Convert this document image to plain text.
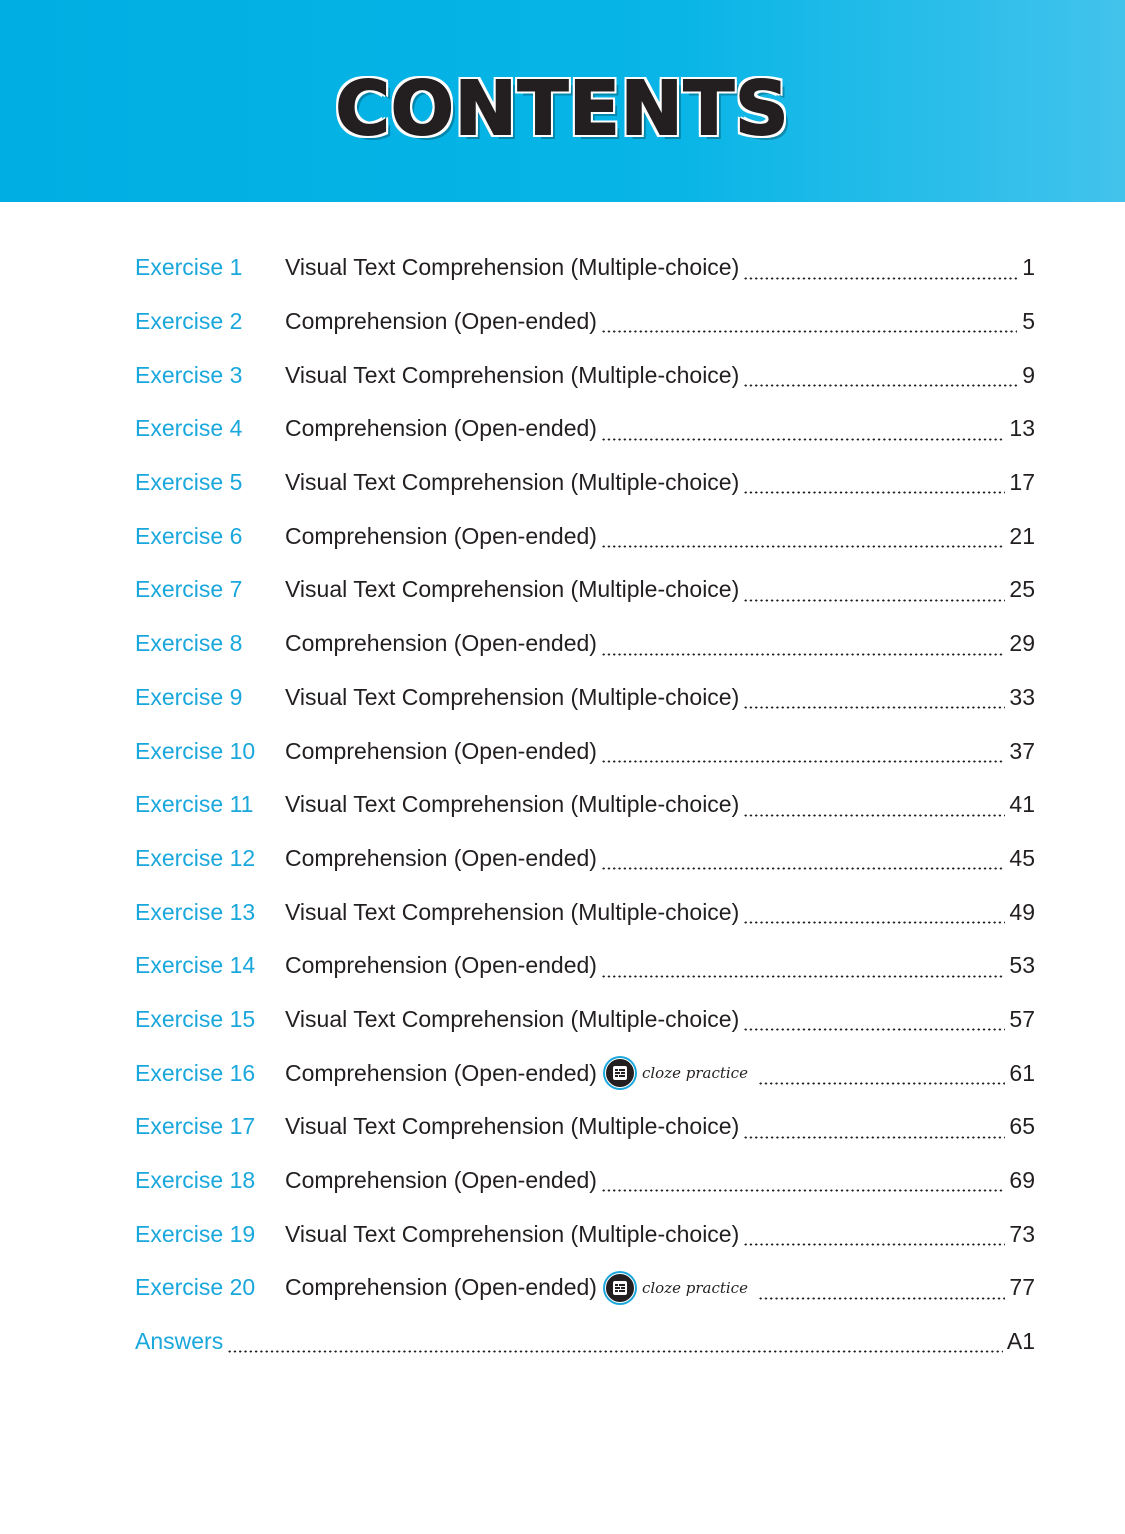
CONTENTS
Exercise 1	Visual Text Comprehension (Multiple-choice)	1
Exercise 2	Comprehension (Open-ended)	5
Exercise 3	Visual Text Comprehension (Multiple-choice)	9
Exercise 4	Comprehension (Open-ended)	13
Exercise 5	Visual Text Comprehension (Multiple-choice)	17
Exercise 6	Comprehension (Open-ended)	21
Exercise 7	Visual Text Comprehension (Multiple-choice)	25
Exercise 8	Comprehension (Open-ended)	29
Exercise 9	Visual Text Comprehension (Multiple-choice)	33
Exercise 10	Comprehension (Open-ended)	37
Exercise 11	Visual Text Comprehension (Multiple-choice)	41
Exercise 12	Comprehension (Open-ended)	45
Exercise 13	Visual Text Comprehension (Multiple-choice)	49
Exercise 14	Comprehension (Open-ended)	53
Exercise 15	Visual Text Comprehension (Multiple-choice)	57
Exercise 16	Comprehension (Open-ended)	cloze practice	61
Exercise 17	Visual Text Comprehension (Multiple-choice)	65
Exercise 18	Comprehension (Open-ended)	69
Exercise 19	Visual Text Comprehension (Multiple-choice)	73
Exercise 20	Comprehension (Open-ended)	cloze practice	77
Answers	A1
